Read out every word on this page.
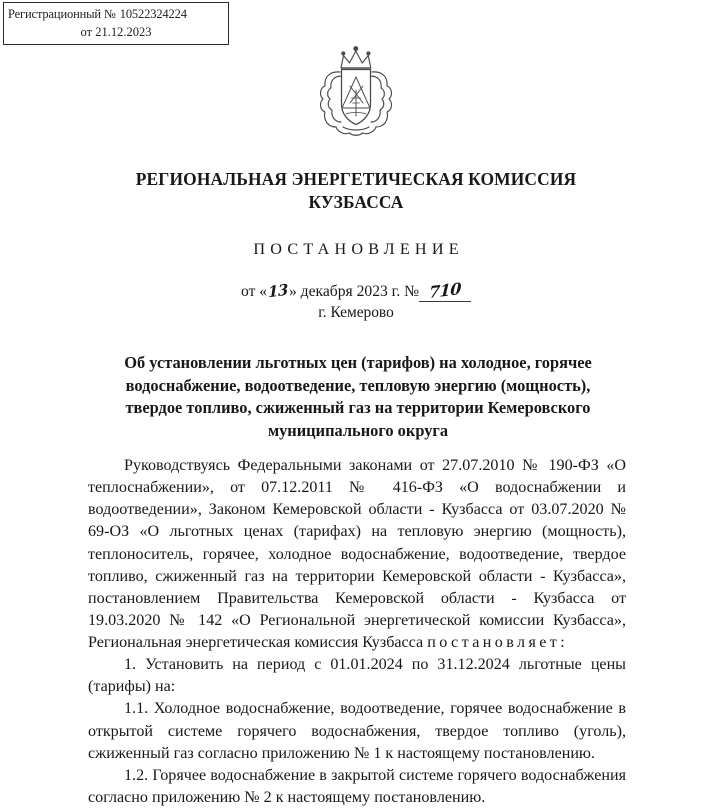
Регистрационный № 10522324224
от 21.12.2023
РЕГИОНАЛЬНАЯ ЭНЕРГЕТИЧЕСКАЯ КОМИССИЯ
КУЗБАССА
ПОСТАНОВЛЕНИЕ
от «13» декабря 2023 г. № 710
г. Кемерово
Об установлении льготных цен (тарифов) на холодное, горячее
водоснабжение, водоотведение, тепловую энергию (мощность),
твердое топливо, сжиженный газ на территории Кемеровского
муниципального округа

Руководствуясь Федеральными законами от 27.07.2010 № 190-ФЗ «О теплоснабжении», от 07.12.2011 № 416-ФЗ «О водоснабжении и водоотведении», Законом Кемеровской области - Кузбасса от 03.07.2020 № 69-ОЗ «О льготных ценах (тарифах) на тепловую энергию (мощность), теплоноситель, горячее, холодное водоснабжение, водоотведение, твердое топливо, сжиженный газ на территории Кемеровской области - Кузбасса», постановлением Правительства Кемеровской области - Кузбасса от 19.03.2020 № 142 «О Региональной энергетической комиссии Кузбасса», Региональная энергетическая комиссия Кузбасса постановляет:

1. Установить на период с 01.01.2024 по 31.12.2024 льготные цены (тарифы) на:

1.1. Холодное водоснабжение, водоотведение, горячее водоснабжение в открытой системе горячего водоснабжения, твердое топливо (уголь), сжиженный газ согласно приложению № 1 к настоящему постановлению.

1.2. Горячее водоснабжение в закрытой системе горячего водоснабжения согласно приложению № 2 к настоящему постановлению.
